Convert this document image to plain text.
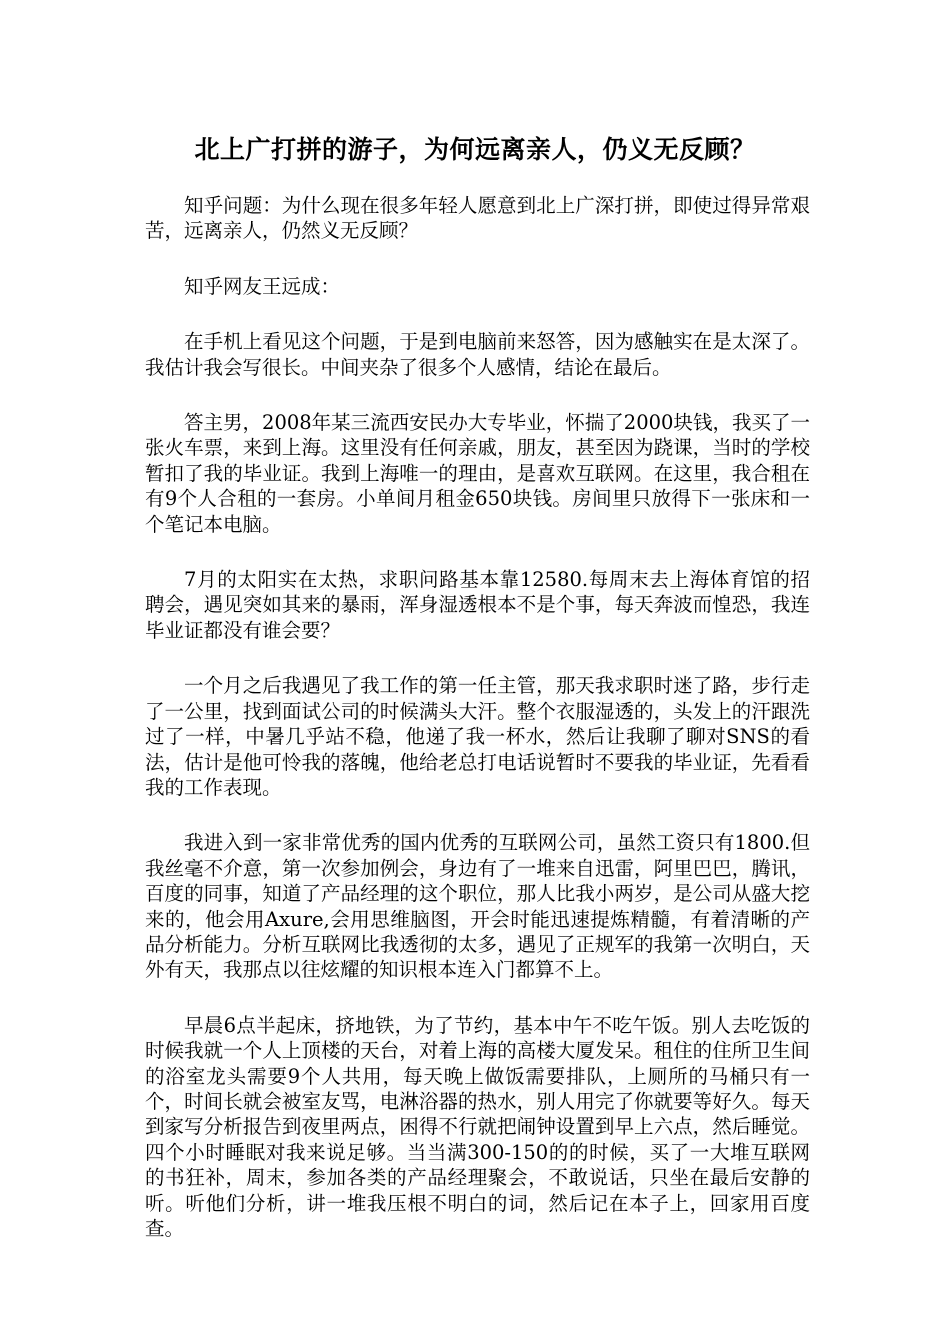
北上广打拼的游子，为何远离亲人，仍义无反顾？

知乎问题：为什么现在很多年轻人愿意到北上广深打拼，即使过得异常艰苦，远离亲人，仍然义无反顾？

知乎网友王远成：

在手机上看见这个问题，于是到电脑前来怒答，因为感触实在是太深了。我估计我会写很长。中间夹杂了很多个人感情，结论在最后。

答主男，2008年某三流西安民办大专毕业，怀揣了2000块钱，我买了一张火车票，来到上海。这里没有任何亲戚，朋友，甚至因为跷课，当时的学校暂扣了我的毕业证。我到上海唯一的理由，是喜欢互联网。在这里，我合租在有9个人合租的一套房。小单间月租金650块钱。房间里只放得下一张床和一个笔记本电脑。

7月的太阳实在太热，求职问路基本靠12580.每周末去上海体育馆的招聘会，遇见突如其来的暴雨，浑身湿透根本不是个事，每天奔波而惶恐，我连毕业证都没有谁会要？

一个月之后我遇见了我工作的第一任主管，那天我求职时迷了路，步行走了一公里，找到面试公司的时候满头大汗。整个衣服湿透的，头发上的汗跟洗过了一样，中暑几乎站不稳，他递了我一杯水，然后让我聊了聊对SNS的看法，估计是他可怜我的落魄，他给老总打电话说暂时不要我的毕业证，先看看我的工作表现。

我进入到一家非常优秀的国内优秀的互联网公司，虽然工资只有1800.但我丝毫不介意，第一次参加例会，身边有了一堆来自迅雷，阿里巴巴，腾讯，百度的同事，知道了产品经理的这个职位，那人比我小两岁，是公司从盛大挖来的，他会用Axure,会用思维脑图，开会时能迅速提炼精髓，有着清晰的产品分析能力。分析互联网比我透彻的太多，遇见了正规军的我第一次明白，天外有天，我那点以往炫耀的知识根本连入门都算不上。

早晨6点半起床，挤地铁，为了节约，基本中午不吃午饭。别人去吃饭的时候我就一个人上顶楼的天台，对着上海的高楼大厦发呆。租住的住所卫生间的浴室龙头需要9个人共用，每天晚上做饭需要排队，上厕所的马桶只有一个，时间长就会被室友骂，电淋浴器的热水，别人用完了你就要等好久。每天到家写分析报告到夜里两点，困得不行就把闹钟设置到早上六点，然后睡觉。四个小时睡眠对我来说足够。当当满300-150的的时候，买了一大堆互联网的书狂补，周末，参加各类的产品经理聚会，不敢说话，只坐在最后安静的听。听他们分析，讲一堆我压根不明白的词，然后记在本子上，回家用百度查。
